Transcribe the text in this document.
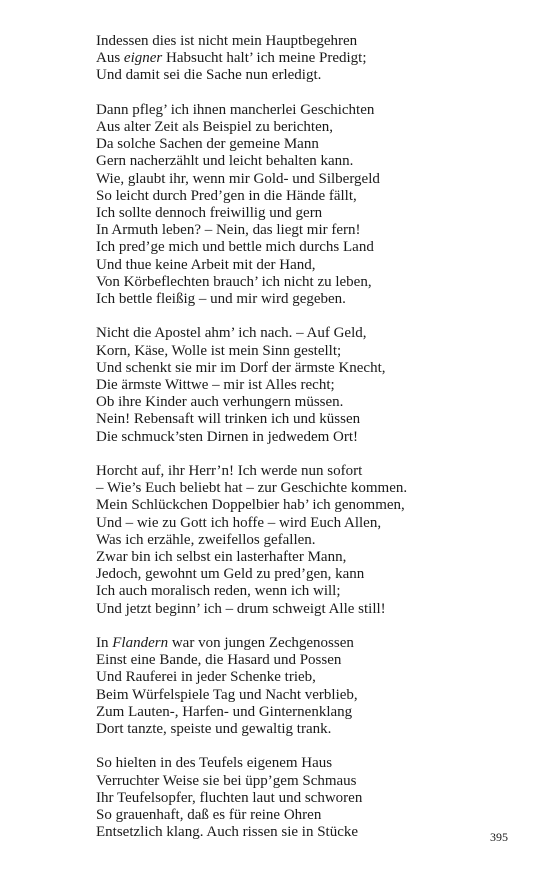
Indessen dies ist nicht mein Hauptbegehren
Aus eigner Habsucht halt’ ich meine Predigt;
Und damit sei die Sache nun erledigt.
Dann pfleg’ ich ihnen mancherlei Geschichten
Aus alter Zeit als Beispiel zu berichten,
Da solche Sachen der gemeine Mann
Gern nacherzählt und leicht behalten kann.
Wie, glaubt ihr, wenn mir Gold- und Silbergeld
So leicht durch Pred’gen in die Hände fällt,
Ich sollte dennoch freiwillig und gern
In Armuth leben? – Nein, das liegt mir fern!
Ich pred’ge mich und bettle mich durchs Land
Und thue keine Arbeit mit der Hand,
Von Körbeflechten brauch’ ich nicht zu leben,
Ich bettle fleißig – und mir wird gegeben.
Nicht die Apostel ahm’ ich nach. – Auf Geld,
Korn, Käse, Wolle ist mein Sinn gestellt;
Und schenkt sie mir im Dorf der ärmste Knecht,
Die ärmste Wittwe – mir ist Alles recht;
Ob ihre Kinder auch verhungern müssen.
Nein! Rebensaft will trinken ich und küssen
Die schmuck’sten Dirnen in jedwedem Ort!
Horcht auf, ihr Herr’n! Ich werde nun sofort
– Wie’s Euch beliebt hat – zur Geschichte kommen.
Mein Schlückchen Doppelbier hab’ ich genommen,
Und – wie zu Gott ich hoffe – wird Euch Allen,
Was ich erzähle, zweifellos gefallen.
Zwar bin ich selbst ein lasterhafter Mann,
Jedoch, gewohnt um Geld zu pred’gen, kann
Ich auch moralisch reden, wenn ich will;
Und jetzt beginn’ ich – drum schweigt Alle still!
In Flandern war von jungen Zechgenossen
Einst eine Bande, die Hasard und Possen
Und Rauferei in jeder Schenke trieb,
Beim Würfelspiele Tag und Nacht verblieb,
Zum Lauten-, Harfen- und Ginternenklang
Dort tanzte, speiste und gewaltig trank.
So hielten in des Teufels eigenem Haus
Verruchter Weise sie bei üpp’gem Schmaus
Ihr Teufelsopfer, fluchten laut und schworen
So grauenhaft, daß es für reine Ohren
Entsetzlich klang. Auch rissen sie in Stücke	395
